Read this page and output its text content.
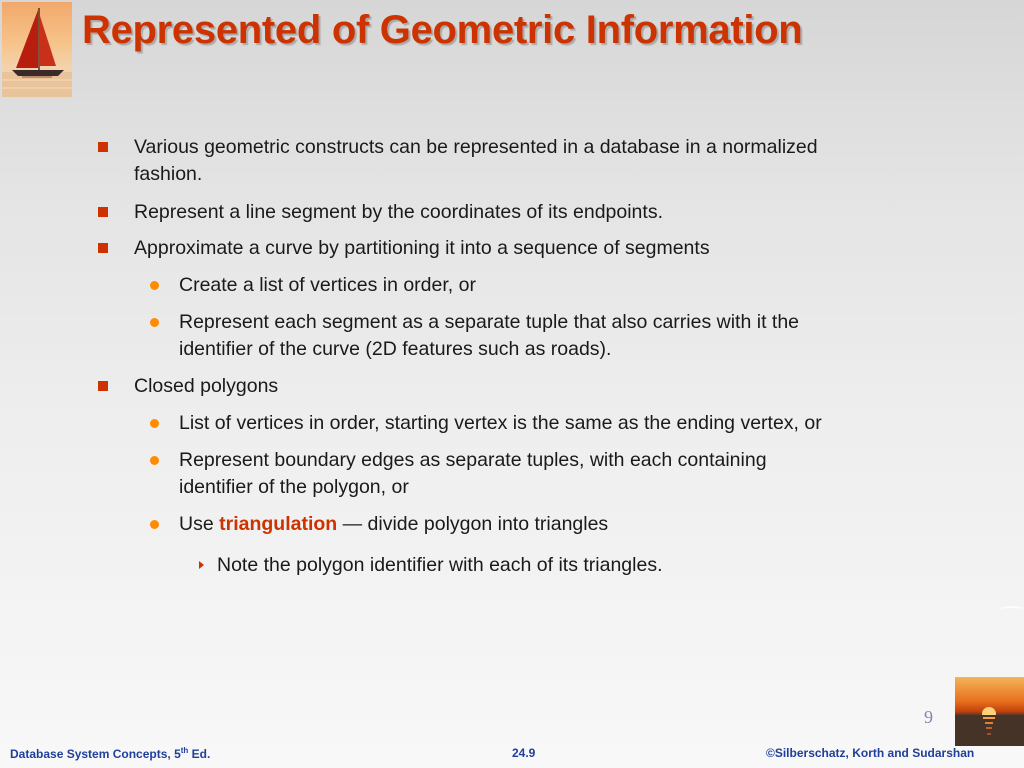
Represented of Geometric Information
Various geometric constructs can be represented in a database in a normalized
fashion.
Represent a line segment by the coordinates of its endpoints.
Approximate a curve by partitioning it into a sequence of segments
Create a list of vertices in order, or
Represent each segment as a separate tuple that also carries with it the
identifier of the curve (2D features such as roads).
Closed polygons
List of vertices in order, starting vertex is the same as the ending vertex, or
Represent boundary edges as separate tuples, with each containing
identifier of the polygon, or
Use triangulation — divide polygon into triangles
Note the polygon identifier with each of its triangles.
9
Database System Concepts, 5th Ed.	24.9	©Silberschatz, Korth and Sudarshan
